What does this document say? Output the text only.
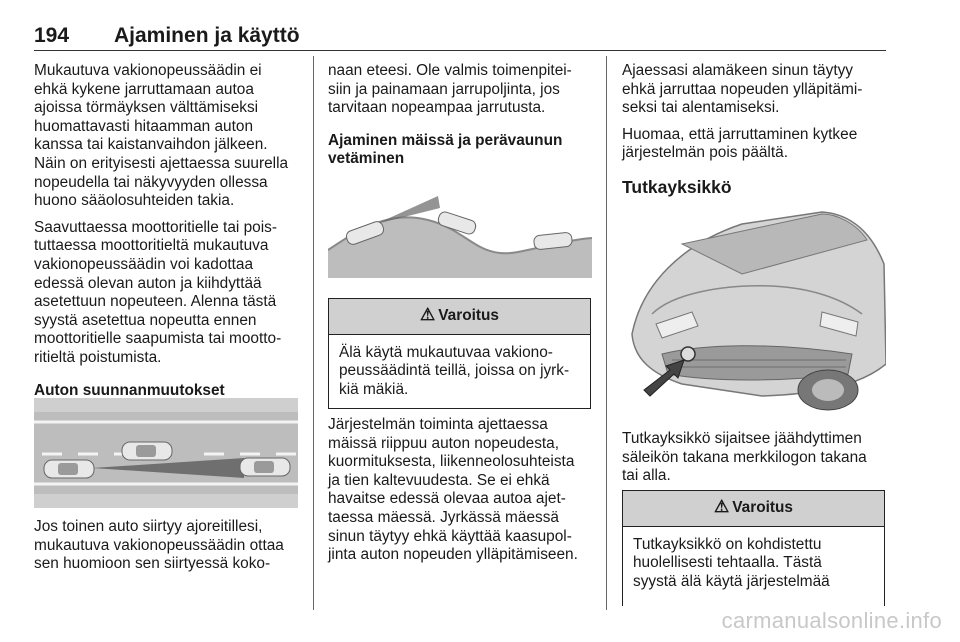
194 Ajaminen ja käyttö

Mukautuva vakionopeussäädin ei
ehkä kykene jarruttamaan autoa
ajoissa törmäyksen välttämiseksi
huomattavasti hitaamman auton
kanssa tai kaistanvaihdon jälkeen.
Näin on erityisesti ajettaessa suurella
nopeudella tai näkyvyyden ollessa
huono sääolosuhteiden takia.

Saavuttaessa moottoritielle tai pois-
tuttaessa moottoritieltä mukautuva
vakionopeussäädin voi kadottaa
edessä olevan auton ja kiihdyttää
asetettuun nopeuteen. Alenna tästä
syystä asetettua nopeutta ennen
moottoritielle saapumista tai mootto-
ritieltä poistumista.

Auton suunnanmuutokset

Jos toinen auto siirtyy ajoreitillesi,
mukautuva vakionopeussäädin ottaa
sen huomioon sen siirtyessä koko-

naan eteesi. Ole valmis toimenpitei-
siin ja painamaan jarrupoljinta, jos
tarvitaan nopeampaa jarrutusta.

Ajaminen mäissä ja perävaunun
vetäminen
⚠ Varoitus
Älä käytä mukautuvaa vakiono-
peussäädintä teillä, joissa on jyrk-
kiä mäkiä.

Järjestelmän toiminta ajettaessa
mäissä riippuu auton nopeudesta,
kuormituksesta, liikenneolosuhteista
ja tien kaltevuudesta. Se ei ehkä
havaitse edessä olevaa autoa ajet-
taessa mäessä. Jyrkässä mäessä
sinun täytyy ehkä käyttää kaasupol-
jinta auton nopeuden ylläpitämiseen.

Ajaessasi alamäkeen sinun täytyy
ehkä jarruttaa nopeuden ylläpitämi-
seksi tai alentamiseksi.

Huomaa, että jarruttaminen kytkee
järjestelmän pois päältä.

Tutkayksikkö

Tutkayksikkö sijaitsee jäähdyttimen
säleikön takana merkkilogon takana
tai alla.

⚠ Varoitus
Tutkayksikkö on kohdistettu
huolellisesti tehtaalla. Tästä
syystä älä käytä järjestelmää
carmanualsonline.info
